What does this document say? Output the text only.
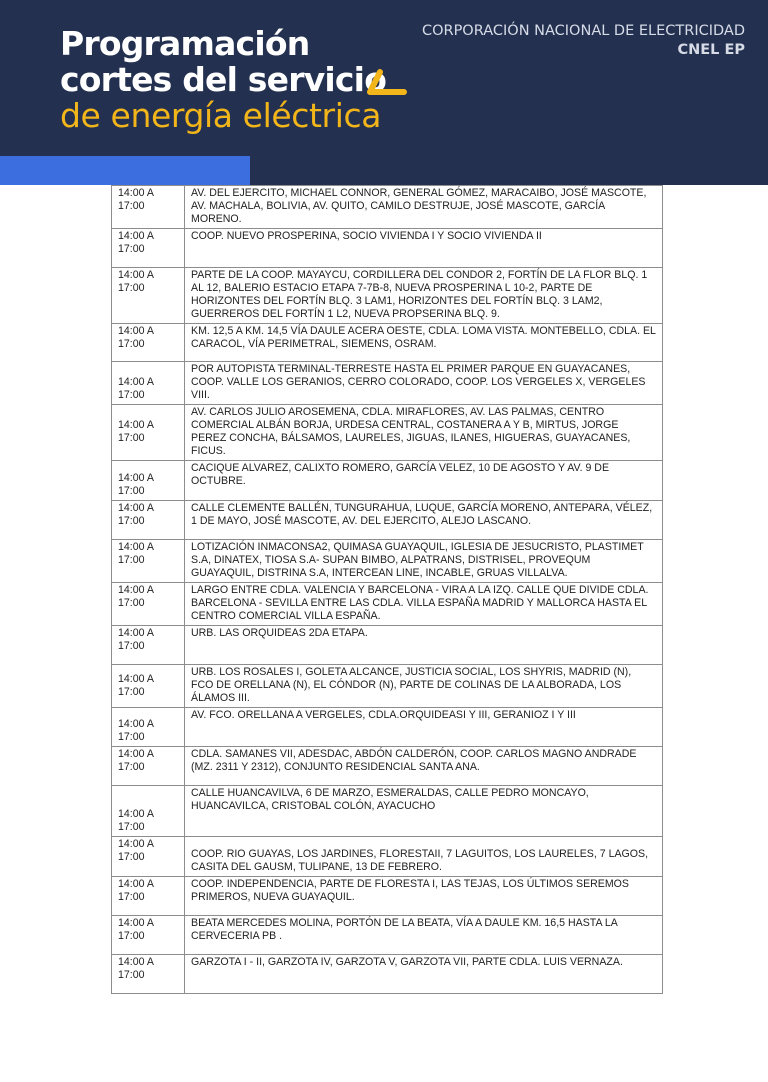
Programación
cortes del servicio
de energía eléctrica
CORPORACIÓN NACIONAL DE ELECTRICIDAD
CNEL EP
14:00 A
17:00	AV. DEL EJERCITO, MICHAEL CONNOR, GENERAL GÓMEZ, MARACAIBO, JOSÉ MASCOTE, AV. MACHALA, BOLIVIA, AV. QUITO, CAMILO DESTRUJE, JOSÉ MASCOTE, GARCÍA MORENO.

14:00 A
17:00	COOP. NUEVO PROSPERINA, SOCIO VIVIENDA I Y SOCIO VIVIENDA II

14:00 A
17:00	PARTE DE LA COOP. MAYAYCU, CORDILLERA DEL CONDOR 2, FORTÍN DE LA FLOR BLQ. 1 AL 12, BALERIO ESTACIO ETAPA 7-7B-8, NUEVA PROSPERINA L 10-2, PARTE DE HORIZONTES DEL FORTÍN BLQ. 3 LAM1, HORIZONTES DEL FORTÍN BLQ. 3 LAM2, GUERREROS DEL FORTÍN 1 L2, NUEVA PROPSERINA BLQ. 9.

14:00 A
17:00	KM. 12,5 A KM. 14,5 VÍA DAULE ACERA OESTE, CDLA. LOMA VISTA. MONTEBELLO, CDLA. EL CARACOL, VÍA PERIMETRAL, SIEMENS, OSRAM.

14:00 A
17:00	POR AUTOPISTA TERMINAL-TERRESTE HASTA EL PRIMER PARQUE EN GUAYACANES, COOP. VALLE LOS GERANIOS, CERRO COLORADO, COOP. LOS VERGELES X, VERGELES VIII.

14:00 A
17:00	AV. CARLOS JULIO AROSEMENA, CDLA. MIRAFLORES, AV. LAS PALMAS, CENTRO COMERCIAL ALBÁN BORJA, URDESA CENTRAL, COSTANERA A Y B, MIRTUS, JORGE PEREZ CONCHA, BÁLSAMOS, LAURELES, JIGUAS, ILANES, HIGUERAS, GUAYACANES, FICUS.

14:00 A
17:00	CACIQUE ALVAREZ, CALIXTO ROMERO, GARCÍA VELEZ, 10 DE AGOSTO Y AV. 9 DE OCTUBRE.

14:00 A
17:00	CALLE CLEMENTE BALLÉN, TUNGURAHUA, LUQUE, GARCÍA MORENO, ANTEPARA, VÉLEZ, 1 DE MAYO, JOSÉ MASCOTE, AV. DEL EJERCITO, ALEJO LASCANO.

14:00 A
17:00	LOTIZACIÓN INMACONSA2, QUIMASA GUAYAQUIL, IGLESIA DE JESUCRISTO, PLASTIMET S.A, DINATEX, TIOSA S.A- SUPAN BIMBO, ALPATRANS, DISTRISEL, PROVEQUM GUAYAQUIL, DISTRINA S.A, INTERCEAN LINE, INCABLE, GRUAS VILLALVA.

14:00 A
17:00	LARGO ENTRE CDLA. VALENCIA Y BARCELONA - VIRA A LA IZQ. CALLE QUE DIVIDE CDLA. BARCELONA - SEVILLA ENTRE LAS CDLA. VILLA ESPAÑA MADRID Y MALLORCA HASTA EL CENTRO COMERCIAL VILLA ESPAÑA.

14:00 A
17:00	URB. LAS ORQUIDEAS 2DA ETAPA.

14:00 A
17:00	URB. LOS ROSALES I, GOLETA ALCANCE, JUSTICIA SOCIAL, LOS SHYRIS, MADRID (N), FCO DE ORELLANA (N), EL CÓNDOR (N), PARTE DE COLINAS DE LA ALBORADA, LOS ÁLAMOS III.

14:00 A
17:00	AV. FCO. ORELLANA A VERGELES, CDLA.ORQUIDEASI Y III, GERANIOZ I Y III

14:00 A
17:00	CDLA. SAMANES VII, ADESDAC, ABDÓN CALDERÓN, COOP. CARLOS MAGNO ANDRADE (MZ. 2311 Y 2312), CONJUNTO RESIDENCIAL SANTA ANA.

14:00 A
17:00	CALLE HUANCAVILVA, 6 DE MARZO, ESMERALDAS, CALLE PEDRO MONCAYO, HUANCAVILCA, CRISTOBAL COLÓN, AYACUCHO

14:00 A
17:00	COOP. RIO GUAYAS, LOS JARDINES, FLORESTAII, 7 LAGUITOS, LOS LAURELES, 7 LAGOS, CASITA DEL GAUSM, TULIPANE, 13 DE FEBRERO.

14:00 A
17:00	COOP. INDEPENDENCIA, PARTE DE FLORESTA I, LAS TEJAS, LOS ÚLTIMOS SEREMOS PRIMEROS, NUEVA GUAYAQUIL.

14:00 A
17:00	BEATA MERCEDES MOLINA, PORTÓN DE LA BEATA, VÍA A DAULE KM. 16,5 HASTA LA CERVECERIA PB .

14:00 A
17:00	GARZOTA I - II, GARZOTA IV, GARZOTA V, GARZOTA VII, PARTE CDLA. LUIS VERNAZA.
